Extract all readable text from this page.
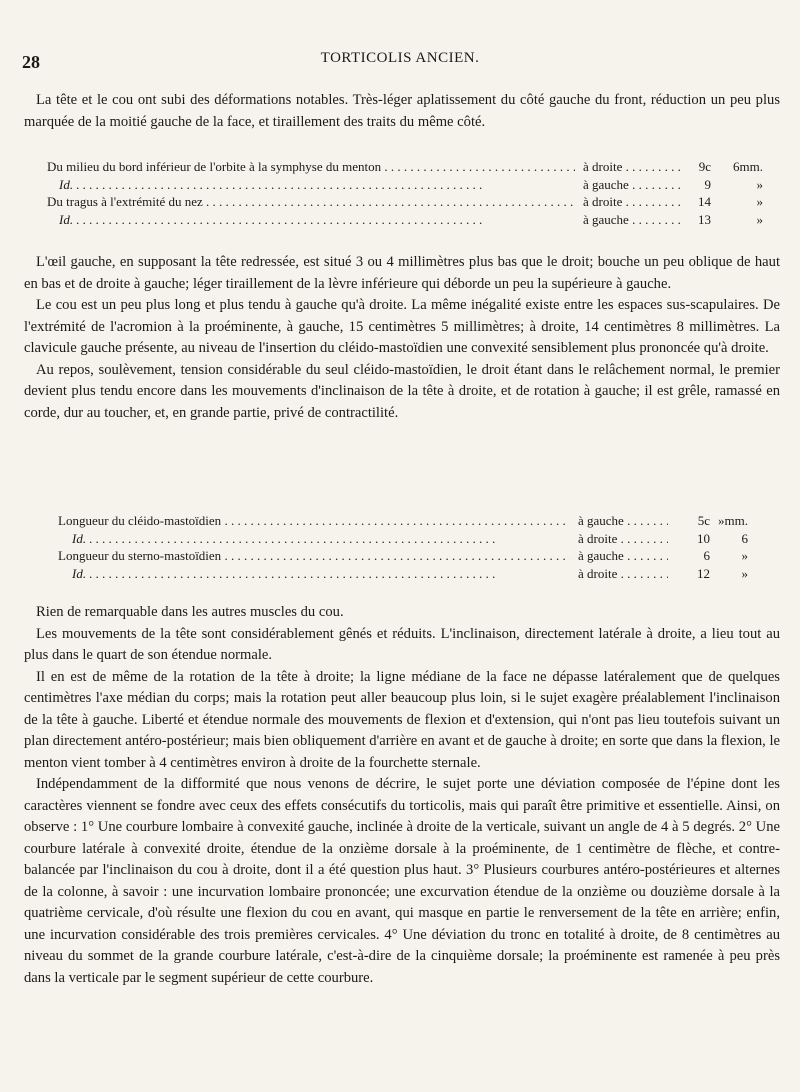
28	TORTICOLIS ANCIEN.

La tête et le cou ont subi des déformations notables. Très-léger aplatissement du côté gauche du front, réduction un peu plus marquée de la moitié gauche de la face, et tiraillement des traits du même côté.

Du milieu du bord inférieur de l'orbite à la symphyse du menton . . .	à droite . . .	9c	6mm.
Id. . . .	à gauche . . .	9	»
Du tragus à l'extrémité du nez . . .	à droite . . .	14	»
Id. . . .	à gauche . . .	13	»

L'œil gauche, en supposant la tête redressée, est situé 3 ou 4 millimètres plus bas que le droit; bouche un peu oblique de haut en bas et de droite à gauche; léger tiraillement de la lèvre inférieure qui déborde un peu la supérieure à gauche.

Le cou est un peu plus long et plus tendu à gauche qu'à droite. La même inégalité existe entre les espaces sus-scapulaires. De l'extrémité de l'acromion à la proéminente, à gauche, 15 centimètres 5 millimètres; à droite, 14 centimètres 8 millimètres. La clavicule gauche présente, au niveau de l'insertion du cléido-mastoïdien une convexité sensiblement plus prononcée qu'à droite.

Au repos, soulèvement, tension considérable du seul cléido-mastoïdien, le droit étant dans le relâchement normal, le premier devient plus tendu encore dans les mouvements d'inclinaison de la tête à droite, et de rotation à gauche; il est grêle, ramassé en corde, dur au toucher, et, en grande partie, privé de contractilité.

Longueur du cléido-mastoïdien . . .	à gauche . . .	5c »mm.
Id. . . .	à droite . . .	10	6
Longueur du sterno-mastoïdien . . .	à gauche . . .	6	»
Id. . . .	à droite . . .	12	»

Rien de remarquable dans les autres muscles du cou.

Les mouvements de la tête sont considérablement gênés et réduits. L'inclinaison, directement latérale à droite, a lieu tout au plus dans le quart de son étendue normale.

Il en est de même de la rotation de la tête à droite; la ligne médiane de la face ne dépasse latéralement que de quelques centimètres l'axe médian du corps; mais la rotation peut aller beaucoup plus loin, si le sujet exagère préalablement l'inclinaison de la tête à gauche. Liberté et étendue normale des mouvements de flexion et d'extension, qui n'ont pas lieu toutefois suivant un plan directement antéro-postérieur; mais bien obliquement d'arrière en avant et de gauche à droite; en sorte que dans la flexion, le menton vient tomber à 4 centimètres environ à droite de la fourchette sternale.

Indépendamment de la difformité que nous venons de décrire, le sujet porte une déviation composée de l'épine dont les caractères viennent se fondre avec ceux des effets consécutifs du torticolis, mais qui paraît être primitive et essentielle. Ainsi, on observe : 1° Une courbure lombaire à convexité gauche, inclinée à droite de la verticale, suivant un angle de 4 à 5 degrés. 2° Une courbure latérale à convexité droite, étendue de la onzième dorsale à la proéminente, de 1 centimètre de flèche, et contre-balancée par l'inclinaison du cou à droite, dont il a été question plus haut. 3° Plusieurs courbures antéro-postérieures et alternes de la colonne, à savoir : une incurvation lombaire prononcée; une excurvation étendue de la onzième ou douzième dorsale à la quatrième cervicale, d'où résulte une flexion du cou en avant, qui masque en partie le renversement de la tête en arrière; enfin, une incurvation considérable des trois premières cervicales. 4° Une déviation du tronc en totalité à droite, de 8 centimètres au niveau du sommet de la grande courbure latérale, c'est-à-dire de la cinquième dorsale; la proéminente est ramenée à peu près dans la verticale par le segment supérieur de cette courbure.
